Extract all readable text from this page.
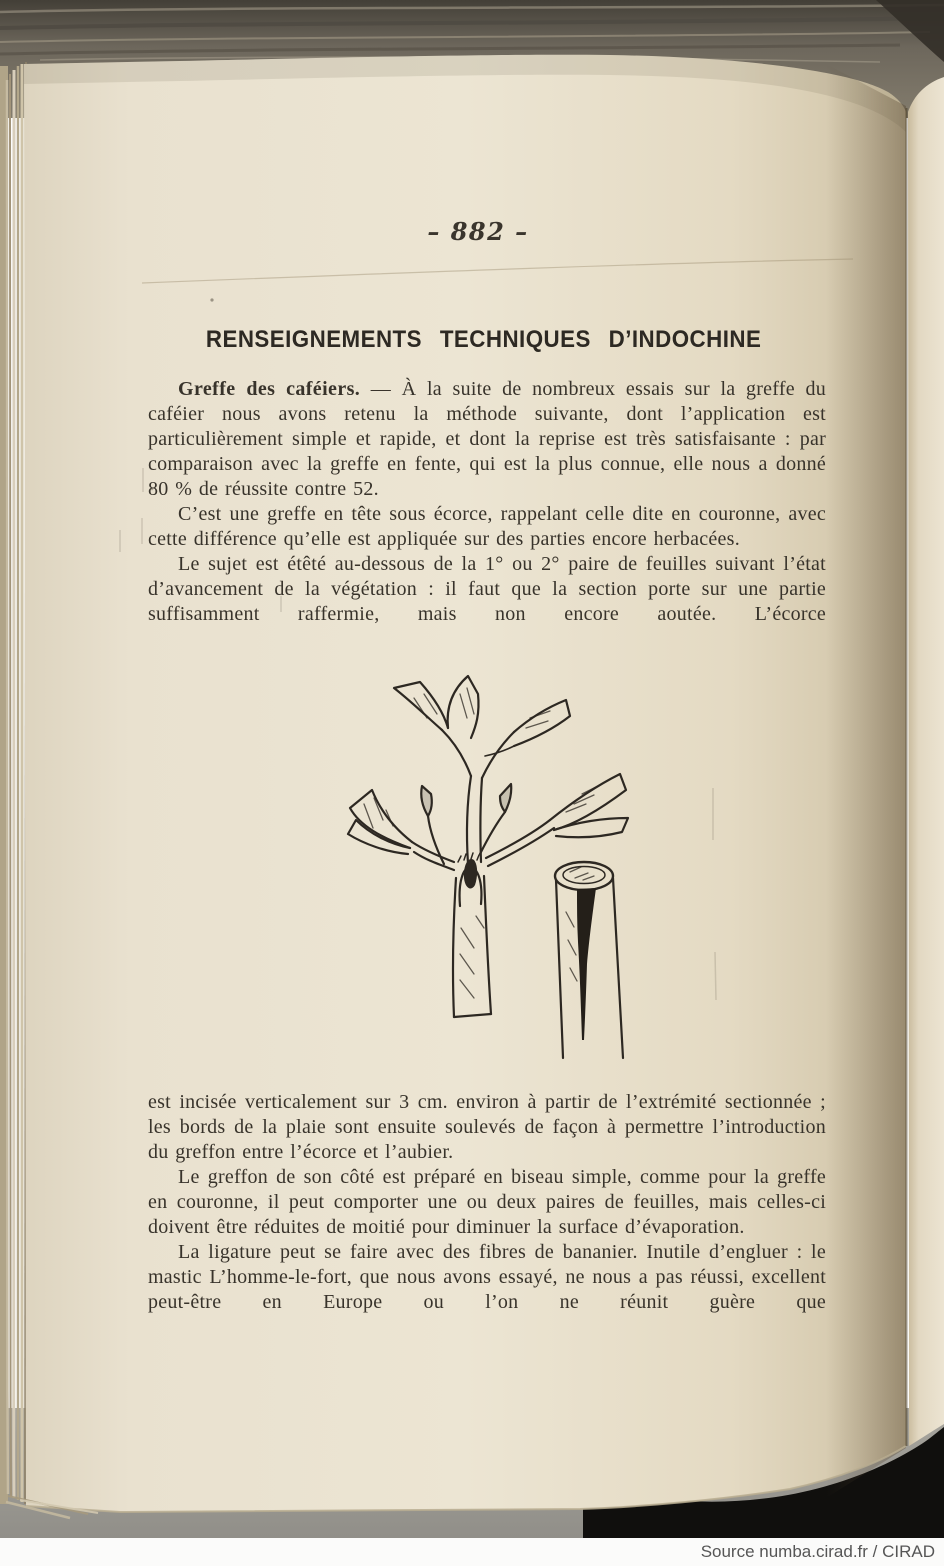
– 882 –
RENSEIGNEMENTS TECHNIQUES D’INDOCHINE

Greffe des caféiers. — À la suite de nombreux essais sur la greffe du caféier nous avons retenu la méthode suivante, dont l’application est particulièrement simple et rapide, et dont la reprise est très satisfaisante : par comparaison avec la greffe en fente, qui est la plus connue, elle nous a donné 80 % de réussite contre 52.

C’est une greffe en tête sous écorce, rappelant celle dite en couronne, avec cette différence qu’elle est appliquée sur des parties encore herbacées.

Le sujet est étêté au-dessous de la 1° ou 2° paire de feuilles suivant l’état d’avancement de la végétation : il faut que la section porte sur une partie suffisamment raffermie, mais non encore aoutée. L’écorce

est incisée verticalement sur 3 cm. environ à partir de l’extrémité sectionnée ; les bords de la plaie sont ensuite soulevés de façon à permettre l’introduction du greffon entre l’écorce et l’aubier.

Le greffon de son côté est préparé en biseau simple, comme pour la greffe en couronne, il peut comporter une ou deux paires de feuilles, mais celles-ci doivent être réduites de moitié pour diminuer la surface d’évaporation.

La ligature peut se faire avec des fibres de bananier. Inutile d’engluer : le mastic L’homme-le-fort, que nous avons essayé, ne nous a pas réussi, excellent peut-être en Europe ou l’on ne réunit guère que

Source numba.cirad.fr / CIRAD
